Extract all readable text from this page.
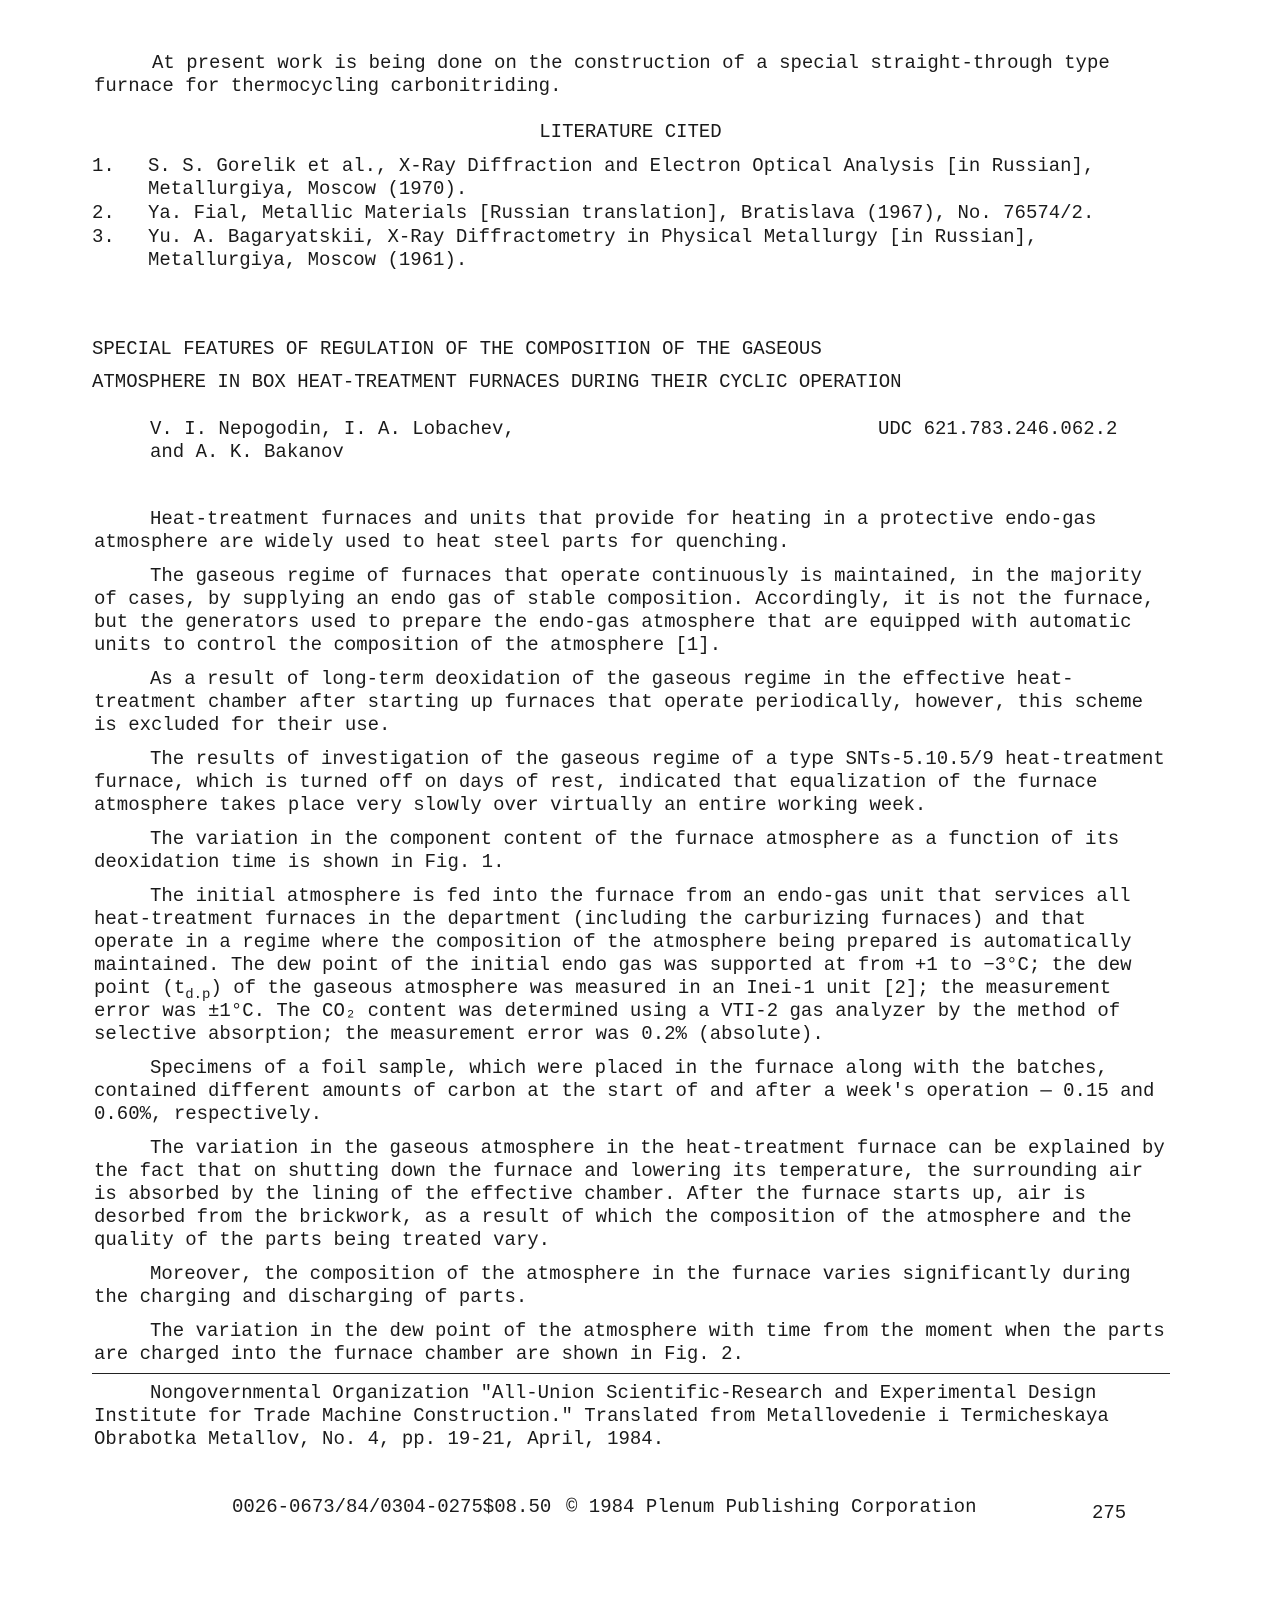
At present work is being done on the construction of a special straight-through type furnace for thermocycling carbonitriding.

LITERATURE CITED
1.	S. S. Gorelik et al., X-Ray Diffraction and Electron Optical Analysis [in Russian], Metallurgiya, Moscow (1970).
2.	Ya. Fial, Metallic Materials [Russian translation], Bratislava (1967), No. 76574/2.
3.	Yu. A. Bagaryatskii, X-Ray Diffractometry in Physical Metallurgy [in Russian], Metallurgiya, Moscow (1961).
SPECIAL FEATURES OF REGULATION OF THE COMPOSITION OF THE GASEOUS
ATMOSPHERE IN BOX HEAT-TREATMENT FURNACES DURING THEIR CYCLIC OPERATION
V. I. Nepogodin, I. A. Lobachev,
and A. K. Bakanov
UDC 621.783.246.062.2

Heat-treatment furnaces and units that provide for heating in a protective endo-gas atmosphere are widely used to heat steel parts for quenching.

The gaseous regime of furnaces that operate continuously is maintained, in the majority of cases, by supplying an endo gas of stable composition. Accordingly, it is not the furnace, but the generators used to prepare the endo-gas atmosphere that are equipped with automatic units to control the composition of the atmosphere [1].

As a result of long-term deoxidation of the gaseous regime in the effective heat-treatment chamber after starting up furnaces that operate periodically, however, this scheme is excluded for their use.

The results of investigation of the gaseous regime of a type SNTs-5.10.5/9 heat-treatment furnace, which is turned off on days of rest, indicated that equalization of the furnace atmosphere takes place very slowly over virtually an entire working week.

The variation in the component content of the furnace atmosphere as a function of its deoxidation time is shown in Fig. 1.

The initial atmosphere is fed into the furnace from an endo-gas unit that services all heat-treatment furnaces in the department (including the carburizing furnaces) and that operate in a regime where the composition of the atmosphere being prepared is automatically maintained. The dew point of the initial endo gas was supported at from +1 to −3°C; the dew point $(t_{d.p})$ of the gaseous atmosphere was measured in an Inei-1 unit [2]; the measurement error was ±1°C. The CO₂ content was determined using a VTI-2 gas analyzer by the method of selective absorption; the measurement error was 0.2% (absolute).

Specimens of a foil sample, which were placed in the furnace along with the batches, contained different amounts of carbon at the start of and after a week's operation — 0.15 and 0.60%, respectively.

The variation in the gaseous atmosphere in the heat-treatment furnace can be explained by the fact that on shutting down the furnace and lowering its temperature, the surrounding air is absorbed by the lining of the effective chamber. After the furnace starts up, air is desorbed from the brickwork, as a result of which the composition of the atmosphere and the quality of the parts being treated vary.

Moreover, the composition of the atmosphere in the furnace varies significantly during the charging and discharging of parts.

The variation in the dew point of the atmosphere with time from the moment when the parts are charged into the furnace chamber are shown in Fig. 2.

Nongovernmental Organization "All-Union Scientific-Research and Experimental Design Institute for Trade Machine Construction." Translated from Metallovedenie i Termicheskaya Obrabotka Metallov, No. 4, pp. 19-21, April, 1984.

0026-0673/84/0304-0275$08.50 © 1984 Plenum Publishing Corporation	275
